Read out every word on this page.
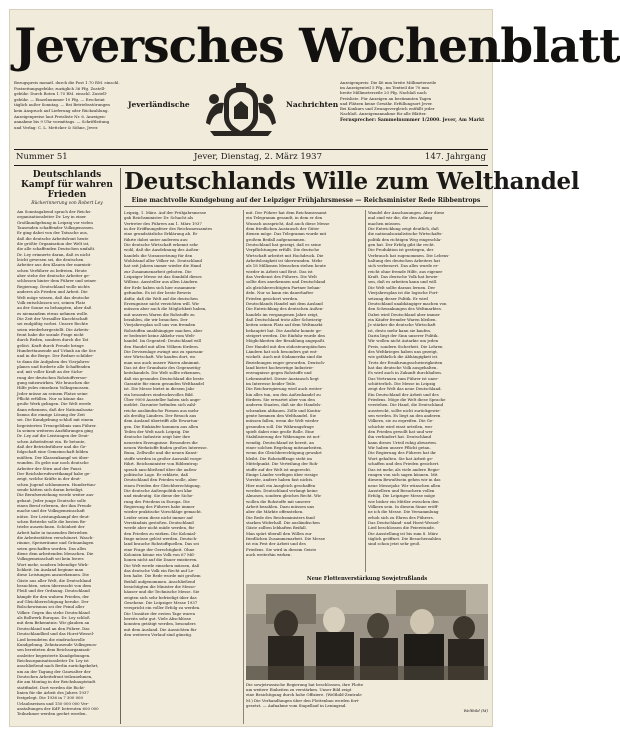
Jeversches Wochenblatt
Bezugspreis monatl. durch die Post 1.70 RM. einschl.
Postzeitungsgebühr, zuzüglich 36 Pfg. Zustell-
gebühr. Durch Boten 1.70 RM. einschl. Zustell-
gebühr. — Einzelnummer 10 Pfg. — Erscheint
täglich außer Sonntag. — Bei Betriebsstörungen
kein Anspruch auf Lieferung oder Rückzahlung.
Anzeigenpreise laut Preisliste Nr. 6. Anzeigen-
annahme bis 9 Uhr vormittags. — Schriftleitung
und Verlag: C. L. Mettcker & Söhne, Jever.
Jeverländische	Nachrichten
Anzeigenpreis: Die 46 mm breite Millimeterzeile
im Anzeigenteil 5 Pfg., im Textteil die 70 mm
breite Millimeterzeile 20 Pfg. Nachlaß nach
Preisliste. Für Anzeigen an bestimmten Tagen
und Plätzen keine Gewähr. Erfüllungsort Jever.
Bei Konkurs und Zwangsvergleich entfällt jeder
Nachlaß. Anzeigenannahme für alle Blätter.
Fernsprecher: Sammelnummer 1/2000. Jever, Am Markt
Nummer 51	Jever, Dienstag, 2. März 1937	147. Jahrgang
Deutschlands Kampf für wahren Frieden
Rückerinnerung von Robert Ley
Am Sonntagabend sprach der Reichs-
organisationsleiter Dr. Ley in einer
Großkundgebung in Leipzig vor vielen
Tausenden schaffender Volksgenossen.
Er ging dabei von der Tatsache aus,
daß die deutsche Arbeitsfront heute
die größte Organisation der Welt ist,
die alle schaffenden Deutschen umfaßt.
Dr. Ley erinnerte daran, daß es nicht
leicht gewesen sei, die deutschen
Arbeiter aus den Klauen der marxisti-
schen Verführer zu befreien. Heute
aber stehe der deutsche Arbeiter ge-
schlossen hinter dem Führer und seiner
Regierung. Deutschland wolle nichts
anderes als Frieden und Arbeit. Die
Welt möge wissen, daß das deutsche
Volk entschlossen sei, seinen Platz
an der Sonne zu behaupten, aber daß
es niemandem etwas nehmen wolle.
Die Zeit der Versailler Knechtschaft
sei endgültig vorbei. Unsere Rechte
seien wiederhergestellt. Die Arbeits-
front habe die soziale Frage nicht
durch Reden, sondern durch die Tat
gelöst. Kraft durch Freude bringe
Hunderttausende auf Urlaub an die See
und in die Berge. Der Redner schilder-
te dann die Aufgaben des Vierjahres-
planes und forderte alle Schaffenden
auf, mit voller Kraft an der Siche-
rung der deutschen Rohstoffversor-
gung mitzuwirken. Wir brauchen die
Hilfe jedes einzelnen Volksgenossen.
Jeder müsse an seinem Platze seine
Pflicht erfüllen. Nur so könne das
große Werk gelingen. Die Welt werde
dann erkennen, daß der Nationalsozia-
lismus die einzige Lösung der Zeit
sei. Die Kundgebung schloß mit einem
begeisterten Treuegelöbnis zum Führer.
In seinen weiteren Ausführungen ging
Dr. Ley auf die Leistungen der Deut-
schen Arbeitsfront ein. Er betonte,
daß der Betriebsführer und die Ge-
folgschaft eine Gemeinschaft bilden
müßten. Der Klassenkampf sei über-
wunden. Es gebe nur noch deutsche
Arbeiter der Stirn und der Faust.
Der Reichsberufswettkampf habe ge-
zeigt, welche Kräfte in der deut-
schen Jugend schlummern. Hunderttau-
sende hätten sich daran beteiligt.
Die Berufserziehung werde weiter aus-
gebaut. Jeder junge Deutsche solle
einen Beruf erlernen, der ihm Freude
mache und der Volksgemeinschaft
nütze. Der Leistungskampf der deut-
schen Betriebe solle die besten Be-
triebe auszeichnen. Schönheit der
Arbeit habe in tausenden Betrieben
die Arbeitsstätten verschönert. Wasch-
räume, Speiseräume und Grünanlagen
seien geschaffen worden. Das alles
diene dem arbeitenden Menschen. Die
Volksgemeinschaft sei kein leeres
Wort mehr, sondern lebendige Wirk-
lichkeit. Im Ausland beginne man
diese Leistungen anzuerkennen. Die
Gäste aus aller Welt, die Deutschland
besuchten, seien überrascht von dem
Fleiß und der Ordnung. Deutschland
kämpfe für den wahren Frieden, der
auf Gleichberechtigung beruhe. Der
Bolschewismus sei der Feind aller
Völker. Gegen ihn stehe Deutschland
als Bollwerk Europas. Dr. Ley schloß
mit dem Bekenntnis: Wir glauben an
Deutschland und an den Führer. Das
Deutschlandlied und das Horst-Wessel-
Lied beendeten die eindrucksvolle
Kundgebung. Zehntausende Volksgenos-
sen bereiteten dem Reichsorganisati-
onsleiter begeisterte Kundgebungen.
Reichsorganisationsleiter Dr. Ley ist
anschließend nach Berlin zurückgekehrt,
um an der Tagung der Gauwalter der
Deutschen Arbeitsfront teilzunehmen,
die am Montag in der Reichshauptstadt
stattfindet. Dort werden die Richt-
linien für die Arbeit des Jahres 1937
festgelegt. Die 1936 in 7 300 000
Urlaubsreisen und 150 000 000 Ver-
anstaltungen der KdF. betreuten 600 000
Teilnehmer werden geehrt werden.
Deutschlands Wille zum Welthandel
Eine machtvolle Kundgebung auf der Leipziger Frühjahrsmesse — Reichsminister Rede Ribbentrops
Leipzig, 1. März. Auf der Frühjahrsmesse
gab Reichsminister Dr. Schacht als
Vertreter des Führers am 1. März 1937
in der Eröffnungsfeier des Reichsmessamtes
eine grundsätzliche Erklärung ab. Er
führte dabei unter anderem aus:
Die deutsche Wirtschaft erkennt sehr
wohl, daß die Ausdehnung des Außen-
handels die Voraussetzung für den
Wohlstand aller Völker ist. Deutschland
hat seit Jahren immer wieder die Hand
zur Zusammenarbeit geboten. Die
Leipziger Messe ist das Sinnbild dieses
Willens. Aussteller aus allen Ländern
der Erde haben sich hier zusammen-
gefunden. Es ist der beste Beweis
dafür, daß die Welt auf die deutschen
Erzeugnisse nicht verzichten will. Wir
müssen aber auch die Möglichkeit haben,
mit unseren Waren die Rohstoffe zu
bezahlen, die wir brauchen. Der
Vierjahresplan soll uns von fremden
Rohstoffen unabhängiger machen, aber
er bedeutet keine Abkehr vom Welt-
handel. Im Gegenteil: Deutschland will
den Handel mit allen Völkern fördern.
Die Devisenlage zwingt uns zu sparsam-
ster Wirtschaft. Wir kaufen dort, wo
man uns auch unsere Waren abnimmt.
Das ist der Grundsatz des Gegenseitig-
keitshandels. Die Welt sollte erkennen,
daß ein gesundes Deutschland die beste
Garantie für einen gesunden Welthandel
ist. Die Messe bietet in diesem Jahr
ein besonders eindrucksvolles Bild.
Über 9000 Aussteller haben sich ange-
meldet. Darunter befinden sich zahl-
reiche ausländische Firmen aus mehr
als dreißig Ländern. Der Besuch aus
dem Ausland übertrifft alle Erwartun-
gen. Die Einkäufer kommen aus allen
Teilen der Welt nach Leipzig. Die
deutsche Industrie zeigt hier ihre
neuesten Erzeugnisse. Besonders die
neuen Werkstoffe finden großes Interesse.
Buna, Zellwolle und die neuen Kunst-
stoffe werden in großer Auswahl vorge-
führt. Reichsminister von Ribbentrop
sprach anschließend über die außen-
politische Lage. Er erklärte, daß
Deutschland den Frieden wolle, aber
einen Frieden der Gleichberechtigung.
Die deutsche Außenpolitik sei klar
und eindeutig. Sie diene der Siche-
rung des Friedens in Europa. Die
Regierung des Führers habe immer
wieder praktische Vorschläge gemacht.
Leider seien diese nicht immer auf
Verständnis gestoßen. Deutschland
werde aber nicht müde werden, für
den Frieden zu wirken. Die Kolonial-
frage müsse gelöst werden. Deutsch-
land brauche Rohstoffquellen. Das sei
eine Frage der Gerechtigkeit. Ohne
Kolonien könne ein Volk von 67 Mil-
lionen nicht auf die Dauer existieren.
Die Welt werde einsehen müssen, daß
das deutsche Volk ein Recht auf Le-
ben habe. Die Rede wurde mit großem
Beifall aufgenommen. Anschließend
besichtigten die Minister die Messe-
häuser und die Technische Messe. Sie
zeigten sich sehr befriedigt über das
Gesehene. Die Leipziger Messe 1937
verspricht ein voller Erfolg zu werden.
Die Umsätze der ersten Tage waren
bereits sehr gut. Viele Abschlüsse
konnten getätigt werden, besonders
mit dem Ausland. Die Aussichten für
den weiteren Verlauf sind günstig.
mit. Der Führer hat dem Reichsmessamt
ein Telegramm gesandt, in dem er den
Wunsch ausspricht, daß auch diese Messe
dem friedlichen Austausch der Güter
dienen möge. Das Telegramm wurde mit
großem Beifall aufgenommen.
Deutschland hat gezeigt, daß es seine
Verpflichtungen erfüllt. Die deutsche
Wirtschaft arbeitet mit Hochdruck. Die
Arbeitslosigkeit ist überwunden. Mehr
als 18 Millionen Menschen stehen heute
wieder in Arbeit und Brot. Das ist
das Verdienst des Führers. Die Welt
sollte dies anerkennen und Deutschland
als gleichberechtigten Partner behan-
deln. Nur so kann ein dauerhafter
Frieden gesichert werden.
Deutschlands Handel mit dem Ausland
Die Entwicklung des deutschen Außen-
handels im vergangenen Jahre zeigt,
daß Deutschland trotz aller Schwierig-
keiten seinen Platz auf dem Weltmarkt
behauptet hat. Die Ausfuhr konnte ge-
steigert werden. Die Einfuhr wurde den
Möglichkeiten der Bezahlung angepaßt.
Der Handel mit den südosteuropäischen
Ländern hat sich besonders gut ent-
wickelt. Auch mit Südamerika sind die
Beziehungen enger geworden. Deutsch-
land bietet hochwertige Industrie-
erzeugnisse gegen Rohstoffe und
Lebensmittel. Dieser Austausch liegt
im Interesse beider Teile.
Die Reichsregierung wird auch weiter-
hin alles tun, um den Außenhandel zu
fördern. Sie erwartet aber von den
anderen Staaten, daß sie die Handels-
schranken abbauen. Zölle und Kontin-
gente hemmen den Welthandel. Sie
müssen fallen, wenn die Welt wieder
gesunden soll. Die Währungsfrage
spielt dabei eine große Rolle. Eine
Stabilisierung der Währungen ist not-
wendig. Deutschland ist bereit, an
einer solchen Regelung mitzuarbeiten,
wenn die Gleichberechtigung gewahrt
bleibt. Die Rohstofffrage steht im
Mittelpunkt. Die Verteilung der Roh-
stoffe auf der Welt ist ungerecht.
Einige Länder verfügen über riesige
Vorräte, andere haben fast nichts.
Hier muß ein Ausgleich geschaffen
werden. Deutschland verlangt keine
Almosen, sondern gleiches Recht. Wir
wollen die Rohstoffe mit unserer
Arbeit bezahlen. Dazu müssen uns
aber die Märkte offenstehen.
Die Rede des Reichsministers fand
starken Widerhall. Die ausländischen
Gäste zollten lebhaften Beifall.
Man spürt überall den Willen zur
friedlichen Zusammenarbeit. Die Messe
ist ein Fest der Arbeit und des
Friedens. Sie wird in diesem Geiste
auch weiterhin wirken.
Wandel der Anschauungen. Aber diese
mal sind wir die, die den Anfang
machen müssen.
Die Entwicklung zeigt deutlich, daß
die nationalsozialistische Wirtschafts-
politik den richtigen Weg eingeschla-
gen hat. Der Erfolg gibt ihr recht.
Die Produktion ist gestiegen, der
Verbrauch hat zugenommen. Die Lebens-
haltung des deutschen Arbeiters hat
sich verbessert. Das alles wurde er-
reicht ohne fremde Hilfe, aus eigener
Kraft. Das deutsche Volk hat bewie-
sen, daß es arbeiten kann und will.
Die Welt sollte daraus lernen. Der
Vierjahresplan ist die logische Fort-
setzung dieser Politik. Er wird
Deutschland unabhängiger machen von
den Schwankungen des Weltmarktes.
Dabei wird Deutschland aber immer
ein Käufer fremder Waren bleiben.
Je stärker die deutsche Wirtschaft
ist, desto mehr kann sie kaufen.
Darin liegt der Sinn unserer Politik.
Wir wollen nicht Autarkie um jeden
Preis, sondern Sicherheit. Die Lehren
des Weltkrieges haben uns gezeigt,
wie gefährlich die Abhängigkeit ist.
Trotz der Ernährungsschwierigkeiten
hat das deutsche Volk ausgehalten.
Es wird auch in Zukunft durchhalten.
Das Vertrauen zum Führer ist uner-
schütterlich. Die Messe in Leipzig
zeigt der Welt das neue Deutschland.
Ein Deutschland der Arbeit und des
Friedens. Möge die Welt diese Sprache
verstehen. Die Hand, die Deutschland
ausstreckt, sollte nicht zurückgewie-
sen werden. Es liegt an den anderen
Völkern, sie zu ergreifen. Die Ge-
schichte wird einst urteilen, wer
den Frieden gewollt hat und wer
ihn verhindert hat. Deutschland
kann dieses Urteil ruhig abwarten.
Wir haben unsere Pflicht getan.
Die Regierung des Führers hat ihr
Wort gehalten. Sie hat Arbeit ge-
schaffen und den Frieden gesichert.
Das ist mehr, als viele andere Regie-
rungen von sich sagen können. Mit
diesem Bewußtsein gehen wir in das
neue Messejahr. Wir wünschen allen
Ausstellern und Besuchern vollen
Erfolg. Die Leipziger Messe möge
wie bisher ein Mittler zwischen den
Völkern sein. In diesem Sinne eröff-
ne ich die Messe. Die Versammlung
erhob sich zu Ehren des Führers.
Das Deutschland- und Horst-Wessel-
Lied beschlossen die Feierstunde.
Die Ausstellung ist bis zum 8. März
täglich geöffnet. Die Besucherzahlen
sind schon jetzt sehr groß.
Neue Flottenverstärkung Sowjetrußlands
Die sowjetrussische Regierung hat beschlossen, ihre Flotte
um weitere Einheiten zu verstärken. Unser Bild zeigt
eine Besichtigung durch hohe Offiziere. (Weltbild-Zentrale
M.) Die Verhandlungen über den Flottenbau werden fort-
gesetzt. — Aufnahme vom Stapellauf in Leningrad.
Weltbild (M)
